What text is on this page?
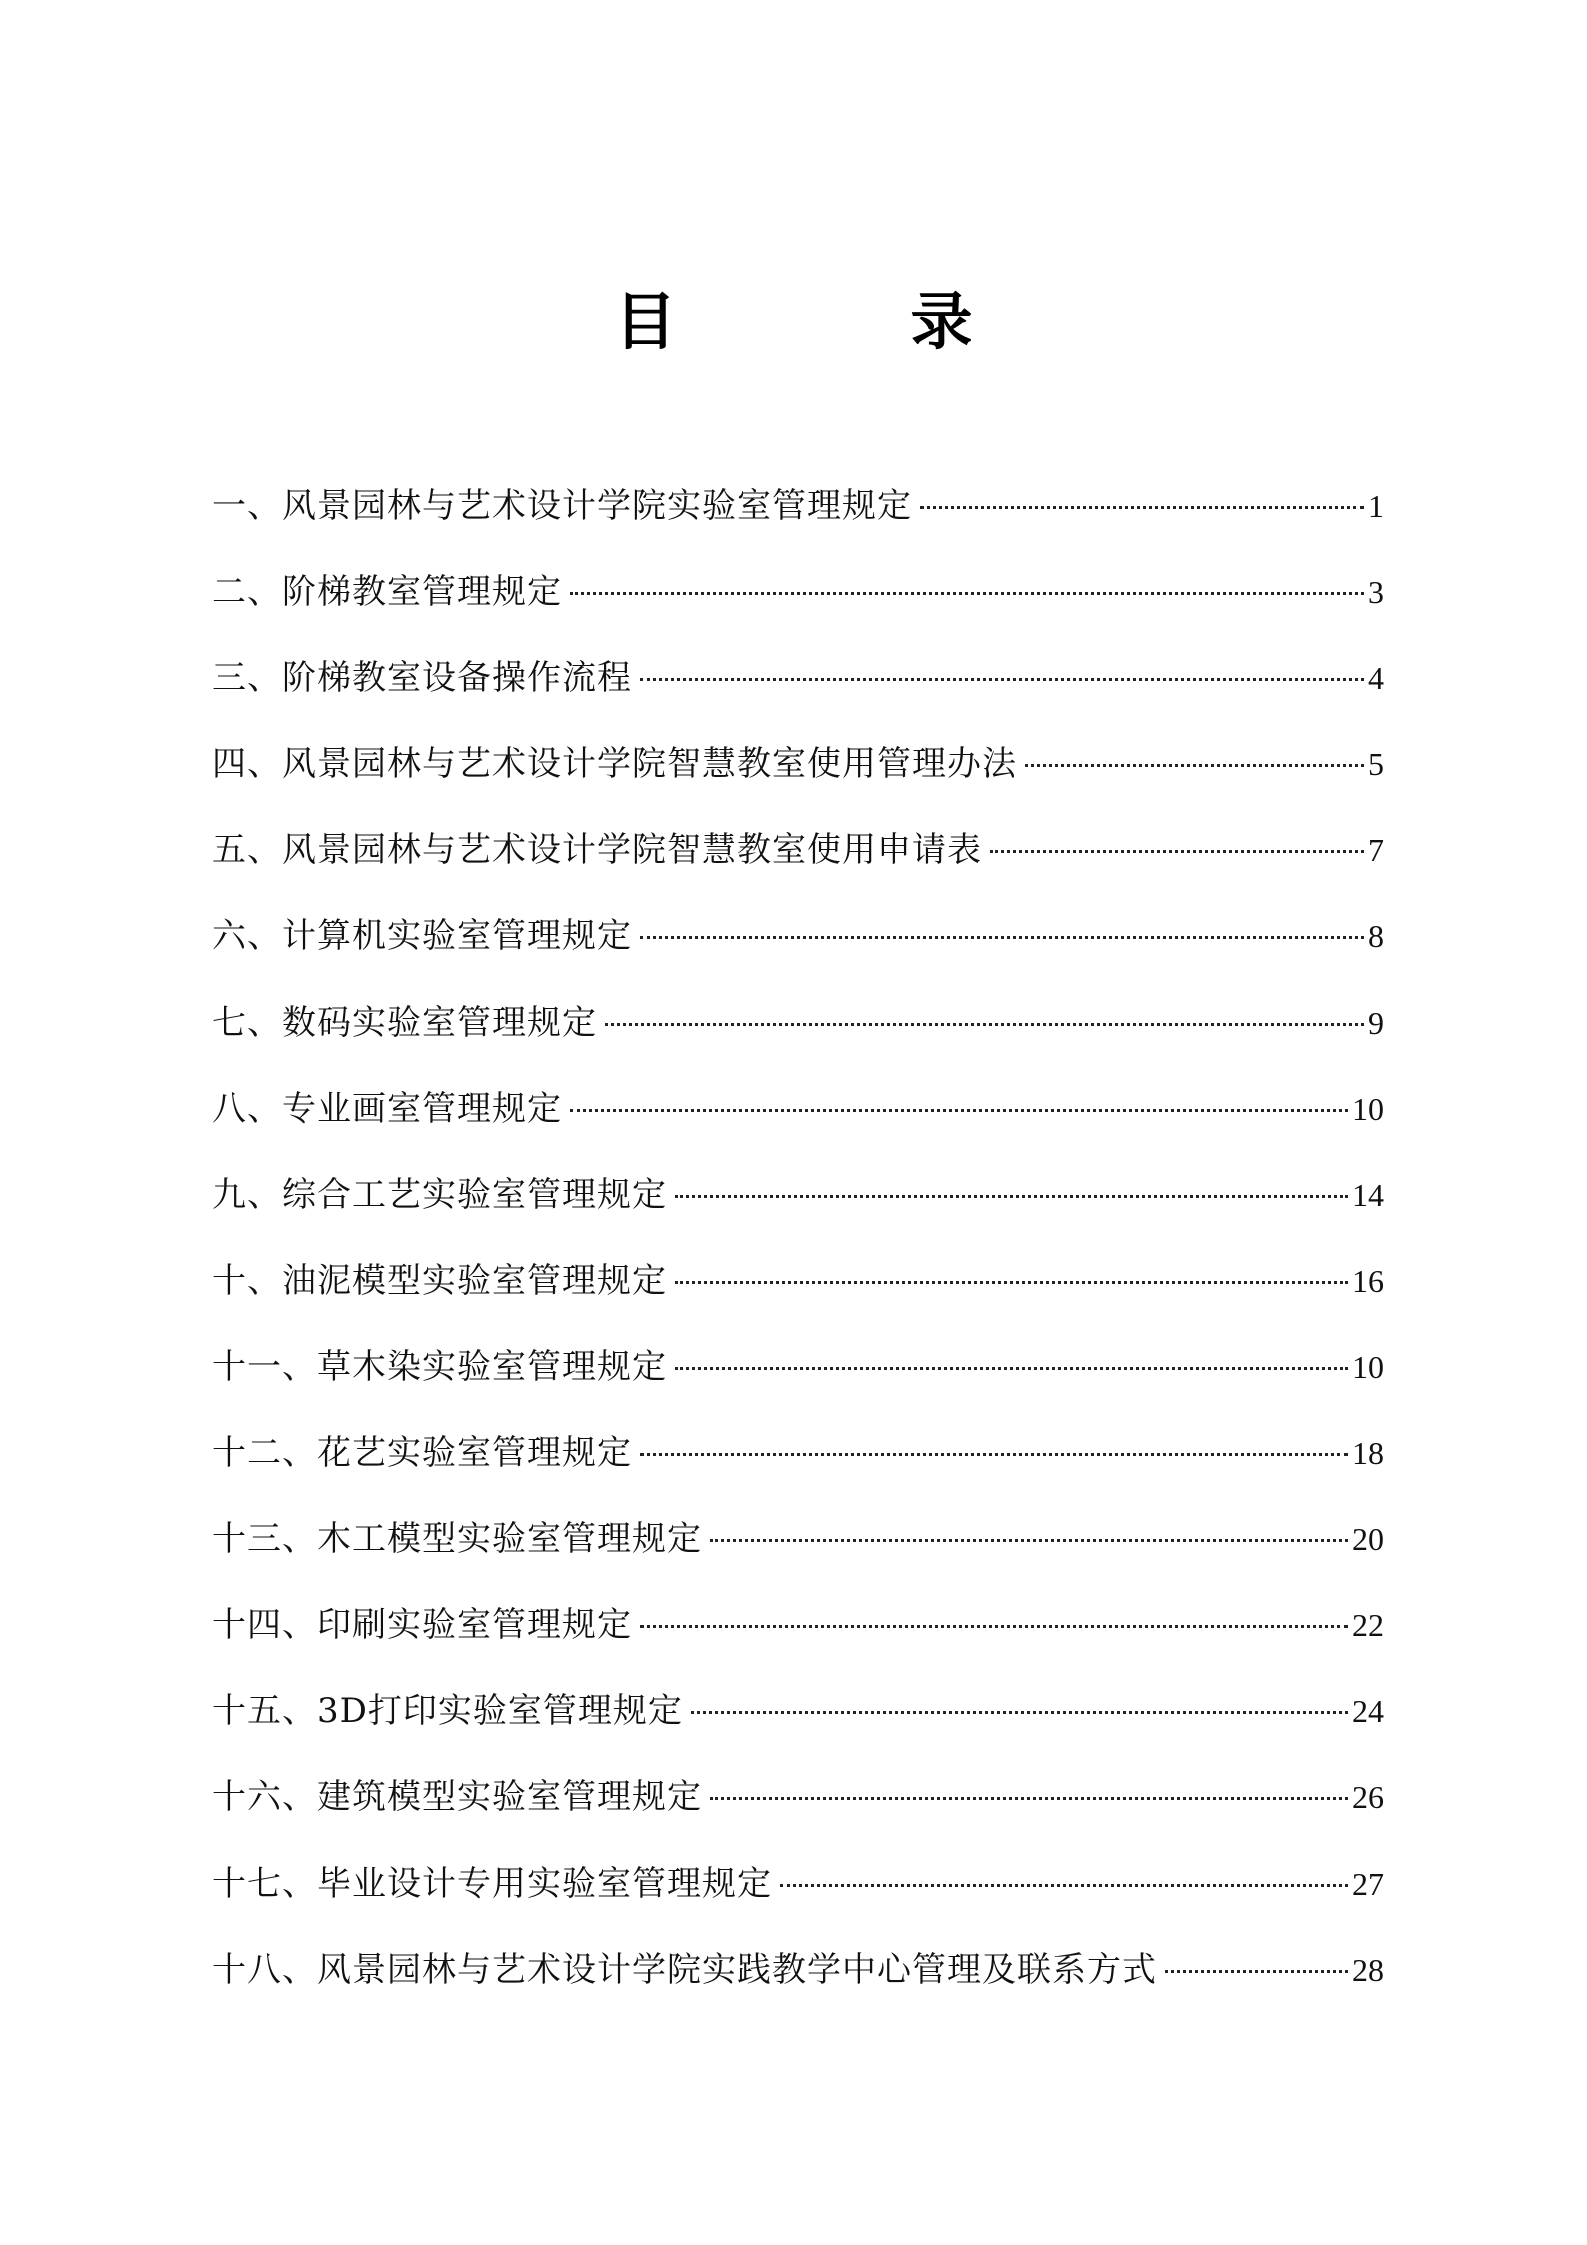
目　录
一、风景园林与艺术设计学院实验室管理规定	1
二、阶梯教室管理规定	3
三、阶梯教室设备操作流程	4
四、风景园林与艺术设计学院智慧教室使用管理办法	5
五、风景园林与艺术设计学院智慧教室使用申请表	7
六、计算机实验室管理规定	8
七、数码实验室管理规定	9
八、专业画室管理规定	10
九、综合工艺实验室管理规定	14
十、油泥模型实验室管理规定	16
十一、草木染实验室管理规定	10
十二、花艺实验室管理规定	18
十三、木工模型实验室管理规定	20
十四、印刷实验室管理规定	22
十五、3D打印实验室管理规定	24
十六、建筑模型实验室管理规定	26
十七、毕业设计专用实验室管理规定	27
十八、风景园林与艺术设计学院实践教学中心管理及联系方式	28
